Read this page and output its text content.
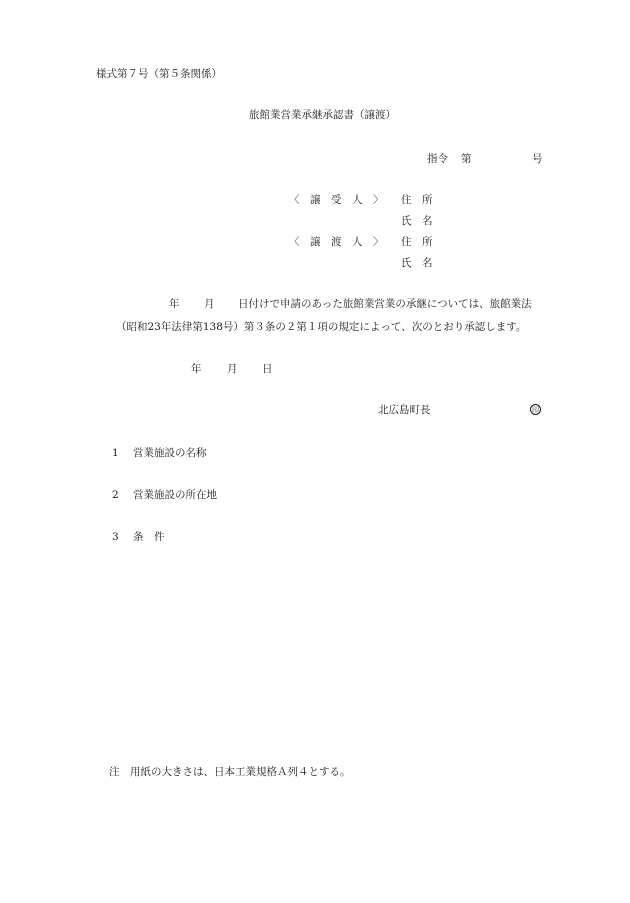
様式第７号（第５条関係）
旅館業営業承継承認書（譲渡）
指令 第	号
〈　譲　受　人　〉 住　所
氏　名
〈　譲　渡　人　〉 住　所
氏　名
年 月 日付けで申請のあった旅館業営業の承継については、旅館業法
（昭和23年法律第138号）第３条の２第１項の規定によって、次のとおり承認します。
年 月 日
北広島町長	印
1 営業施設の名称
2 営業施設の所在地
3 条　件
注　用紙の大きさは、日本工業規格Ａ列４とする。
